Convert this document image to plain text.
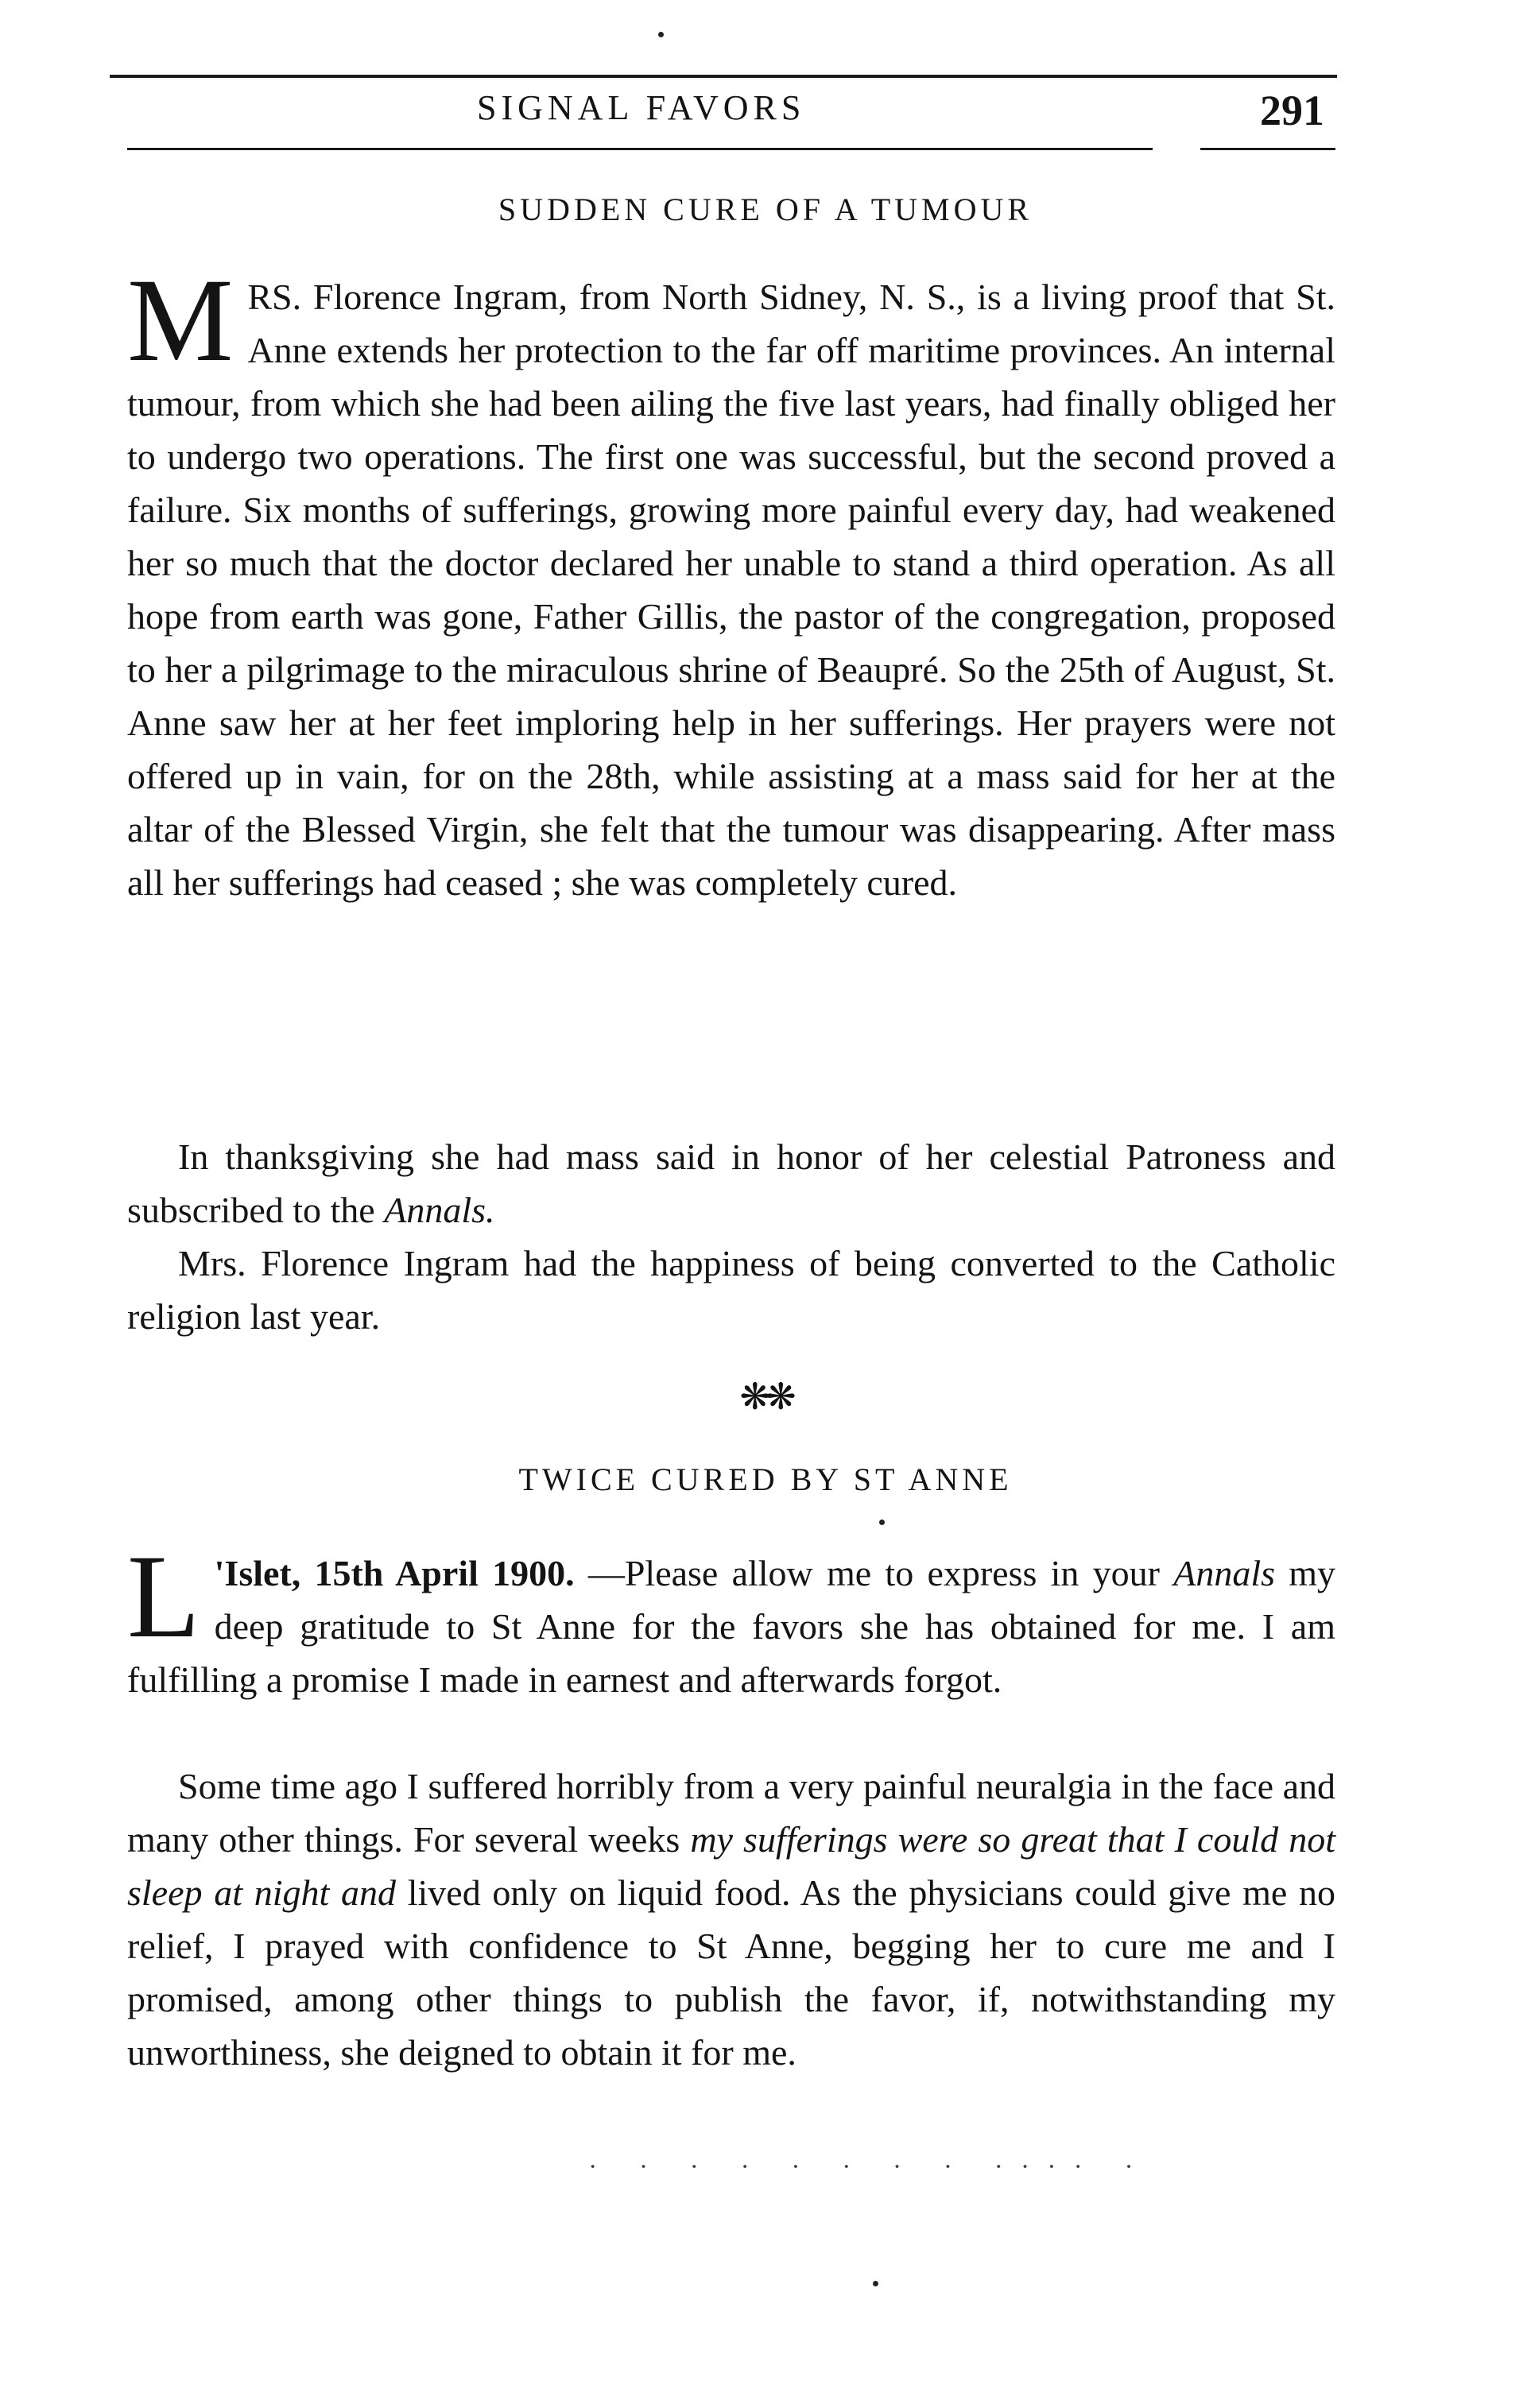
SIGNAL FAVORS	291
SUDDEN CURE OF A TUMOUR

MRS. Florence Ingram, from North Sidney, N. S., is a living proof that St. Anne extends her protection to the far off maritime provinces. An internal tumour, from which she had been ailing the five last years, had finally obliged her to undergo two operations. The first one was successful, but the second proved a failure. Six months of sufferings, growing more painful every day, had weakened her so much that the doctor declared her unable to stand a third operation. As all hope from earth was gone, Father Gillis, the pastor of the congregation, proposed to her a pilgrimage to the miraculous shrine of Beaupré. So the 25th of August, St. Anne saw her at her feet imploring help in her sufferings. Her prayers were not offered up in vain, for on the 28th, while assisting at a mass said for her at the altar of the Blessed Virgin, she felt that the tumour was disappearing. After mass all her sufferings had ceased ; she was completely cured.

In thanksgiving she had mass said in honor of her celestial Patroness and subscribed to the Annals.

Mrs. Florence Ingram had the happiness of being converted to the Catholic religion last year.

❋❋
TWICE CURED BY ST ANNE

L 'Islet, 15th April 1900. —Please allow me to express in your Annals my deep gratitude to St Anne for the favors she has obtained for me. I am fulfilling a promise I made in earnest and afterwards forgot.

Some time ago I suffered horribly from a very painful neuralgia in the face and many other things. For several weeks my sufferings were so great that I could not sleep at night and lived only on liquid food. As the physicians could give me no relief, I prayed with confidence to St Anne, begging her to cure me and I promised, among other things to publish the favor, if, notwithstanding my unworthiness, she deigned to obtain it for me.

· · · · · · · · ···· ·
